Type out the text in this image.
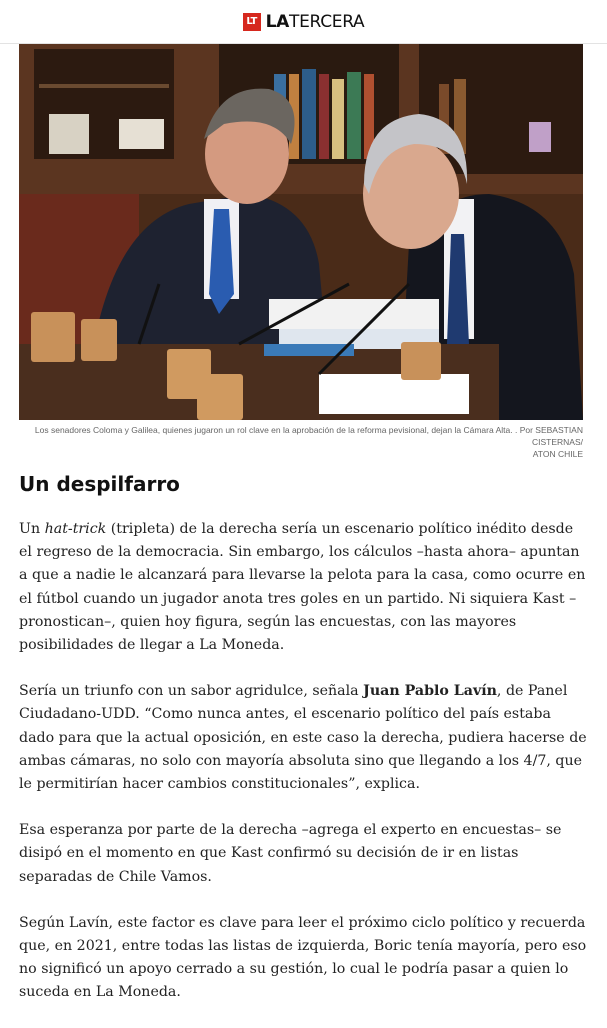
LT LATERCERA
Los senadores Coloma y Galilea, quienes jugaron un rol clave en la aprobación de la reforma pevisional, dejan la Cámara Alta. . Por SEBASTIAN CISTERNAS/
ATON CHILE
Un despilfarro

Un hat-trick (tripleta) de la derecha sería un escenario político inédito desde el regreso de la democracia. Sin embargo, los cálculos –hasta ahora– apuntan a que a nadie le alcanzará para llevarse la pelota para la casa, como ocurre en el fútbol cuando un jugador anota tres goles en un partido. Ni siquiera Kast –pronostican–, quien hoy figura, según las encuestas, con las mayores posibilidades de llegar a La Moneda.

Sería un triunfo con un sabor agridulce, señala Juan Pablo Lavín, de Panel Ciudadano-UDD. “Como nunca antes, el escenario político del país estaba dado para que la actual oposición, en este caso la derecha, pudiera hacerse de ambas cámaras, no solo con mayoría absoluta sino que llegando a los 4/7, que le permitirían hacer cambios constitucionales”, explica.

Esa esperanza por parte de la derecha –agrega el experto en encuestas– se disipó en el momento en que Kast confirmó su decisión de ir en listas separadas de Chile Vamos.

Según Lavín, este factor es clave para leer el próximo ciclo político y recuerda que, en 2021, entre todas las listas de izquierda, Boric tenía mayoría, pero eso no significó un apoyo cerrado a su gestión, lo cual le podría pasar a quien lo suceda en La Moneda.
